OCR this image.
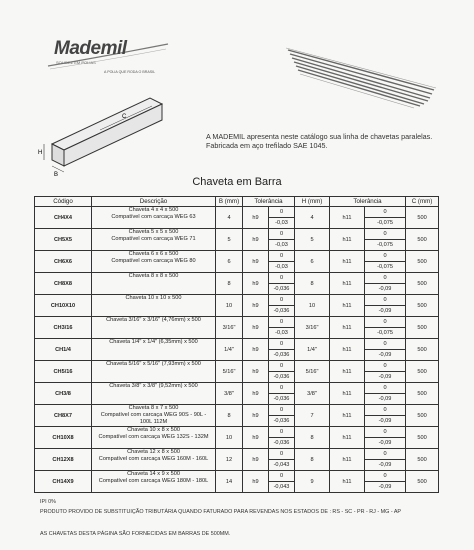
Mademil
SOLIDEZ EM POLIAS
A POLIA QUE RODA O BRASIL
H
C
B
A MADEMIL apresenta neste catálogo sua linha de chavetas paralelas. Fabricada em aço trefilado SAE 1045.
Chaveta em Barra
Código	Descrição	B (mm)	Tolerância		H (mm)	Tolerância		C (mm)
CH4X4	Chaveta 4 x 4 x 500
Compatível com carcaça WEG 63	4	h9	0
-0,03	4	h11	0
-0,075	500
CH5X5	Chaveta 5 x 5 x 500
Compatível com carcaça WEG 71	5	h9	0
-0,03	5	h11	0
-0,075	500
CH6X6	Chaveta 6 x 6 x 500
Compatível com carcaça WEG 80	6	h9	0
-0,03	6	h11	0
-0,075	500
CH8X8	Chaveta 8 x 8 x 500	8	h9	0
-0,036	8	h11	0
-0,09	500
CH10X10	Chaveta 10 x 10 x 500	10	h9	0
-0,036	10	h11	0
-0,09	500
CH3/16	Chaveta 3/16" x 3/16" (4,76mm) x 500	3/16"	h9	0
-0,03	3/16"	h11	0
-0,075	500
CH1/4	Chaveta 1/4" x 1/4" (6,35mm) x 500	1/4"	h9	0
-0,036	1/4"	h11	0
-0,09	500
CH5/16	Chaveta 5/16" x 5/16" (7,93mm) x 500	5/16"	h9	0
-0,036	5/16"	h11	0
-0,09	500
CH3/8	Chaveta 3/8" x 3/8" (9,52mm) x 500	3/8"	h9	0
-0,036	3/8"	h11	0
-0,09	500
CH8X7	Chaveta 8 x 7 x 500
Compatível com carcaça WEG 90S - 90L -
100L 112M	8	h9	0
-0,036	7	h11	0
-0,09	500
CH10X8	Chaveta 10 x 8 x 500
Compatível com carcaça WEG 132S - 132M	10	h9	0
-0,036	8	h11	0
-0,09	500
CH12X8	Chaveta 12 x 8 x 500
Compatível com carcaça WEG 160M - 160L	12	h9	0
-0,043	8	h11	0
-0,09	500
CH14X9	Chaveta 14 x 9 x 500
Compatível com carcaça WEG 180M - 180L	14	h9	0
-0,043	9	h11	0
-0,09	500
IPI 0%
PRODUTO PROVIDO DE SUBSTITUIÇÃO TRIBUTÁRIA QUANDO FATURADO PARA REVENDAS NOS ESTADOS DE : RS - SC - PR - RJ - MG - AP
AS CHAVETAS DESTA PÁGINA SÃO FORNECIDAS EM BARRAS DE 500MM.
